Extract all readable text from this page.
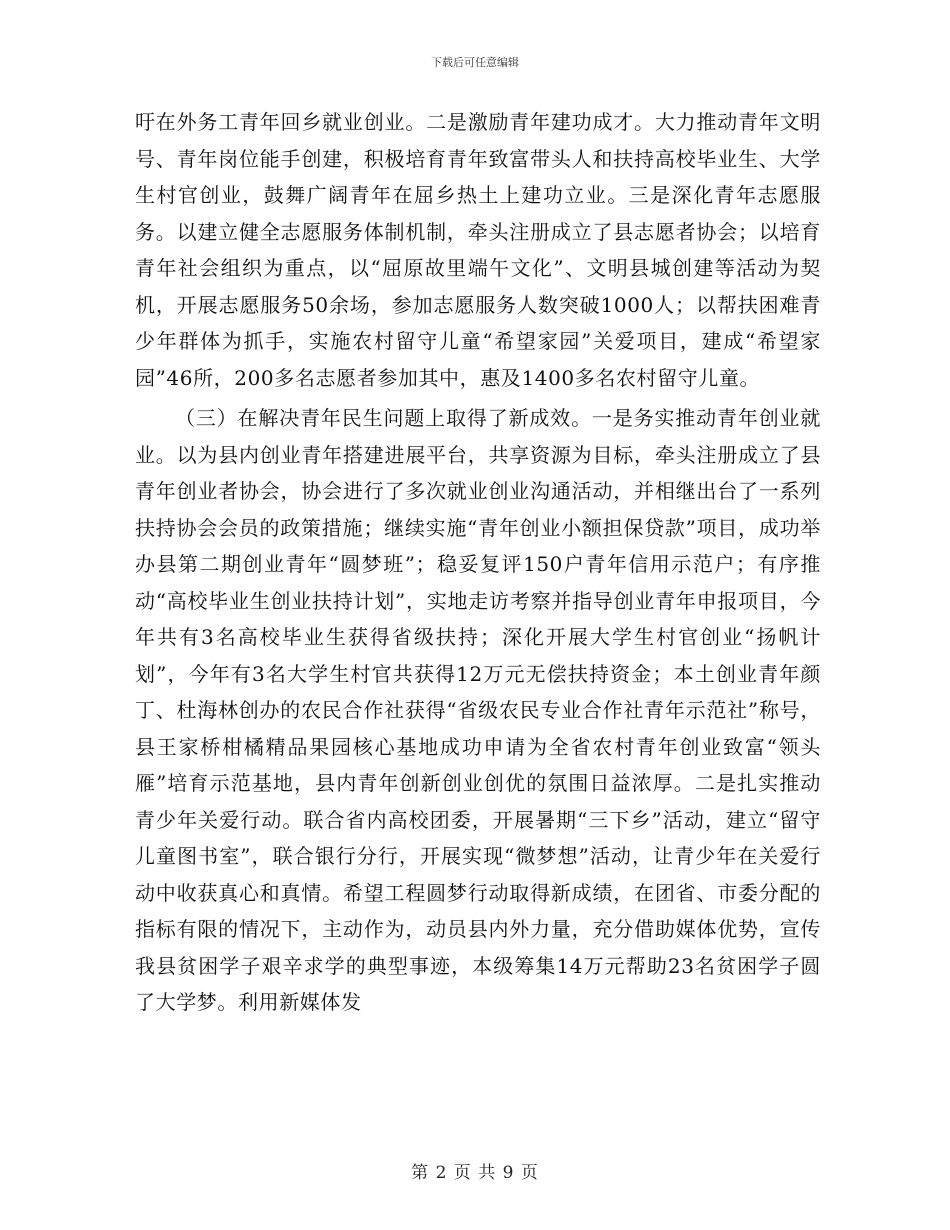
下载后可任意编辑

吁在外务工青年回乡就业创业。二是激励青年建功成才。大力推动青年文明号、青年岗位能手创建，积极培育青年致富带头人和扶持高校毕业生、大学生村官创业，鼓舞广阔青年在屈乡热土上建功立业。三是深化青年志愿服务。以建立健全志愿服务体制机制，牵头注册成立了县志愿者协会；以培育青年社会组织为重点，以“屈原故里端午文化”、文明县城创建等活动为契机，开展志愿服务50余场，参加志愿服务人数突破1000人；以帮扶困难青少年群体为抓手，实施农村留守儿童“希望家园”关爱项目，建成“希望家园”46所，200多名志愿者参加其中，惠及1400多名农村留守儿童。

（三）在解决青年民生问题上取得了新成效。一是务实推动青年创业就业。以为县内创业青年搭建进展平台，共享资源为目标，牵头注册成立了县青年创业者协会，协会进行了多次就业创业沟通活动，并相继出台了一系列扶持协会会员的政策措施；继续实施“青年创业小额担保贷款”项目，成功举办县第二期创业青年“圆梦班”；稳妥复评150户青年信用示范户；有序推动“高校毕业生创业扶持计划”，实地走访考察并指导创业青年申报项目，今年共有3名高校毕业生获得省级扶持；深化开展大学生村官创业“扬帆计划”，今年有3名大学生村官共获得12万元无偿扶持资金；本土创业青年颜丁、杜海林创办的农民合作社获得“省级农民专业合作社青年示范社”称号，县王家桥柑橘精品果园核心基地成功申请为全省农村青年创业致富“领头雁”培育示范基地，县内青年创新创业创优的氛围日益浓厚。二是扎实推动青少年关爱行动。联合省内高校团委，开展暑期“三下乡”活动，建立“留守儿童图书室”，联合银行分行，开展实现“微梦想”活动，让青少年在关爱行动中收获真心和真情。希望工程圆梦行动取得新成绩，在团省、市委分配的指标有限的情况下，主动作为，动员县内外力量，充分借助媒体优势，宣传我县贫困学子艰辛求学的典型事迹，本级筹集14万元帮助23名贫困学子圆了大学梦。利用新媒体发

第 2 页 共 9 页
